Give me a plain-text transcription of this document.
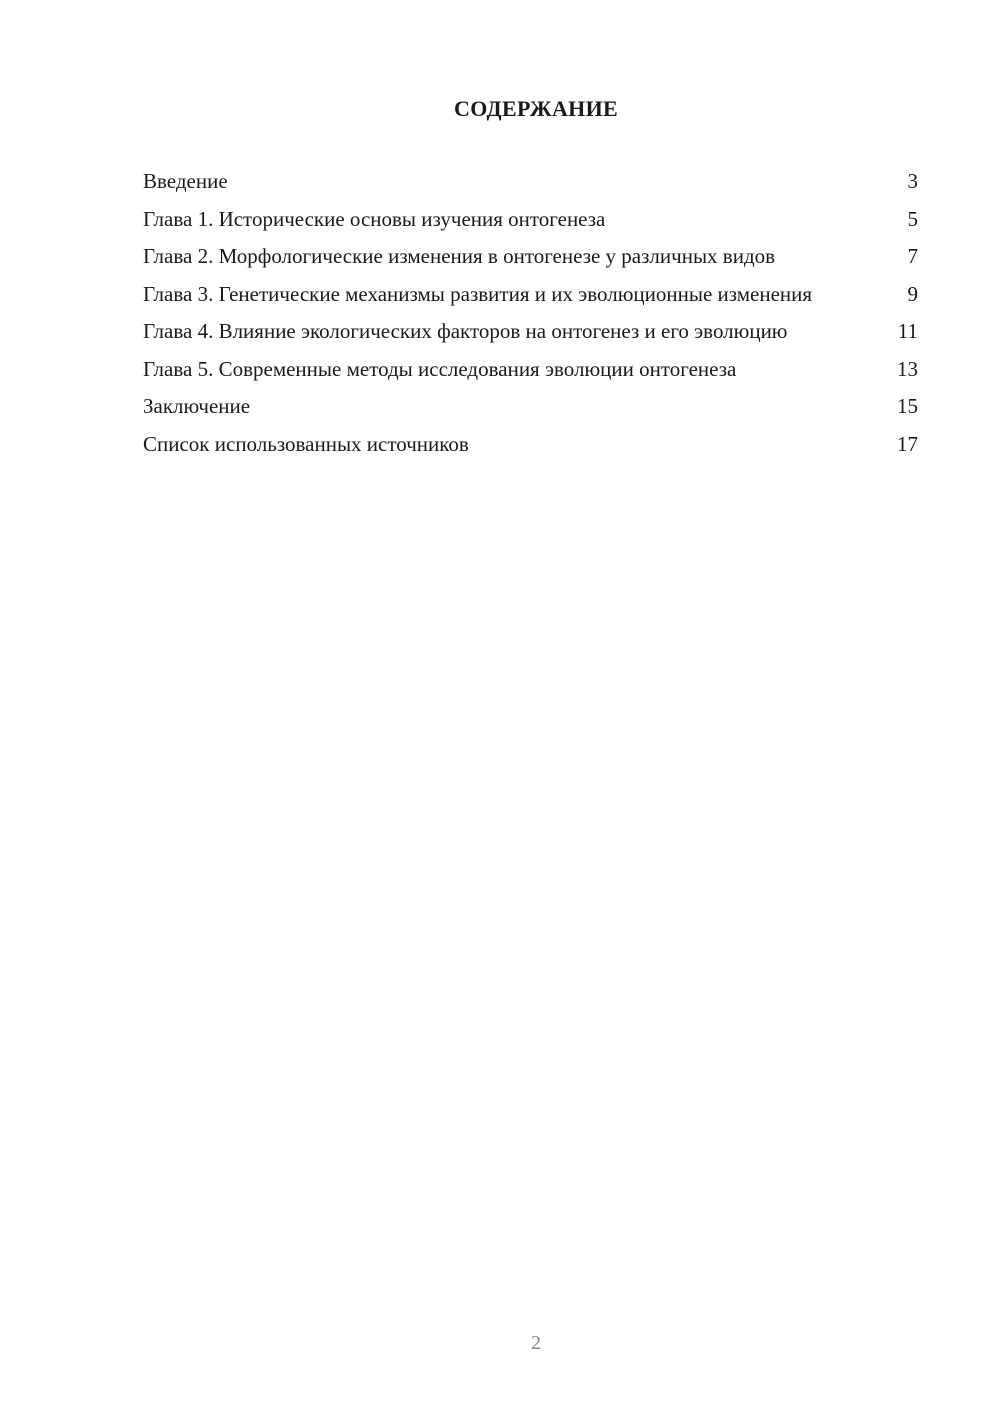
СОДЕРЖАНИЕ
Введение	3
Глава 1. Исторические основы изучения онтогенеза	5
Глава 2. Морфологические изменения в онтогенезе у различных видов	7
Глава 3. Генетические механизмы развития и их эволюционные изменения	9
Глава 4. Влияние экологических факторов на онтогенез и его эволюцию	11
Глава 5. Современные методы исследования эволюции онтогенеза	13
Заключение	15
Список использованных источников	17
2
